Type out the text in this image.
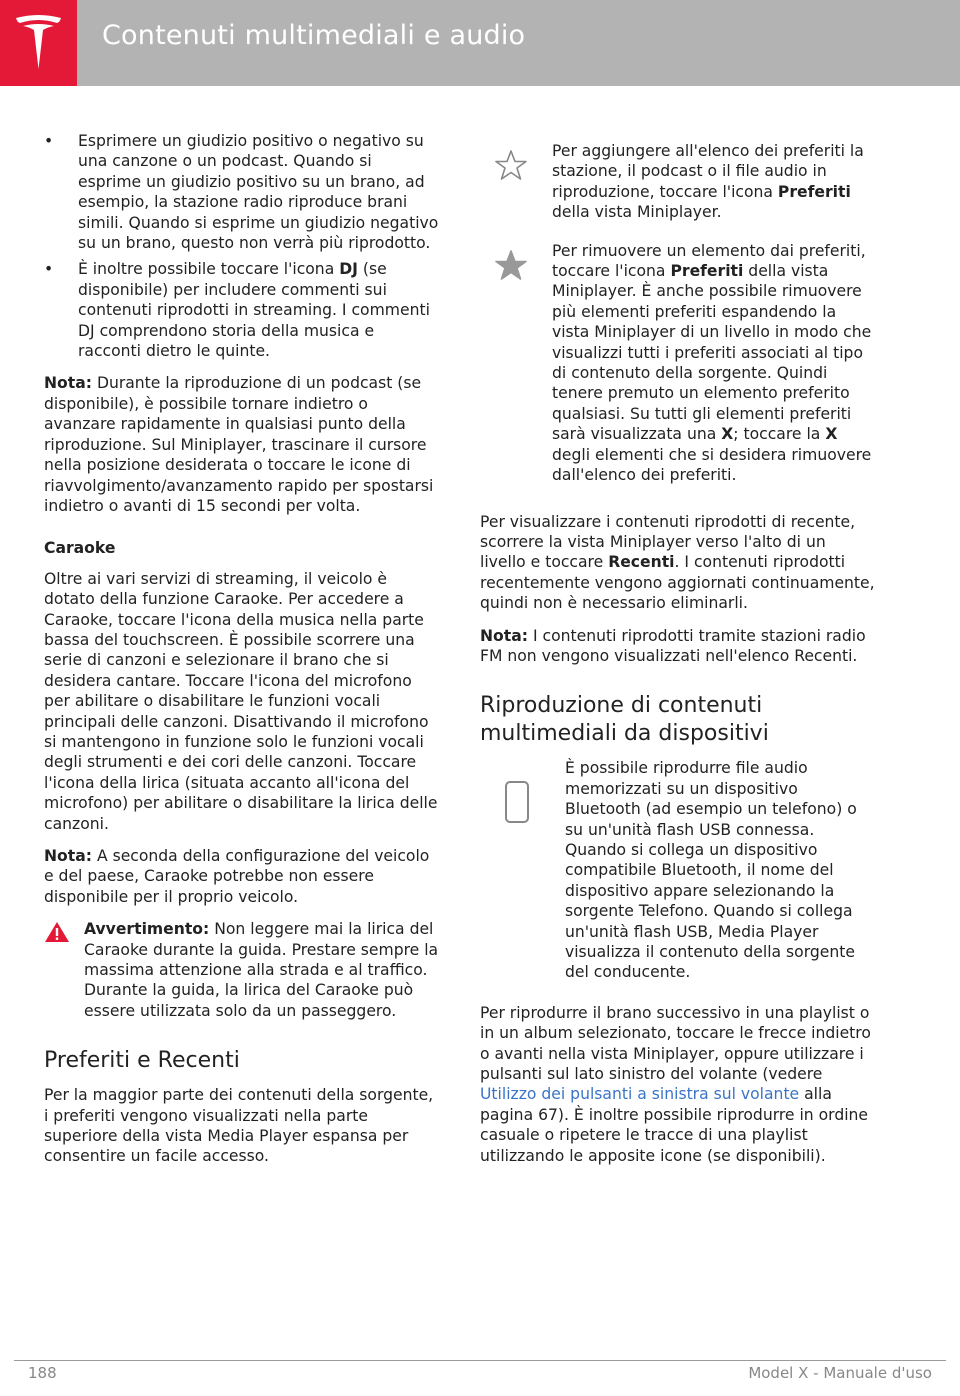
Contenuti multimediali e audio
• Esprimere un giudizio positivo o negativo su una canzone o un podcast. Quando si esprime un giudizio positivo su un brano, ad esempio, la stazione radio riproduce brani simili. Quando si esprime un giudizio negativo su un brano, questo non verrà più riprodotto.
• È inoltre possibile toccare l'icona DJ (se disponibile) per includere commenti sui contenuti riprodotti in streaming. I commenti DJ comprendono storia della musica e racconti dietro le quinte.

Nota: Durante la riproduzione di un podcast (se disponibile), è possibile tornare indietro o avanzare rapidamente in qualsiasi punto della riproduzione. Sul Miniplayer, trascinare il cursore nella posizione desiderata o toccare le icone di riavvolgimento/avanzamento rapido per spostarsi indietro o avanti di 15 secondi per volta.

Caraoke

Oltre ai vari servizi di streaming, il veicolo è dotato della funzione Caraoke. Per accedere a Caraoke, toccare l'icona della musica nella parte bassa del touchscreen. È possibile scorrere una serie di canzoni e selezionare il brano che si desidera cantare. Toccare l'icona del microfono per abilitare o disabilitare le funzioni vocali principali delle canzoni. Disattivando il microfono si mantengono in funzione solo le funzioni vocali degli strumenti e dei cori delle canzoni. Toccare l'icona della lirica (situata accanto all'icona del microfono) per abilitare o disabilitare la lirica delle canzoni.

Nota: A seconda della configurazione del veicolo e del paese, Caraoke potrebbe non essere disponibile per il proprio veicolo.

Avvertimento: Non leggere mai la lirica del Caraoke durante la guida. Prestare sempre la massima attenzione alla strada e al traffico. Durante la guida, la lirica del Caraoke può essere utilizzata solo da un passeggero.
Preferiti e Recenti

Per la maggior parte dei contenuti della sorgente, i preferiti vengono visualizzati nella parte superiore della vista Media Player espansa per consentire un facile accesso.

Per aggiungere all'elenco dei preferiti la stazione, il podcast o il file audio in riproduzione, toccare l'icona Preferiti della vista Miniplayer.
Per rimuovere un elemento dai preferiti, toccare l'icona Preferiti della vista Miniplayer. È anche possibile rimuovere più elementi preferiti espandendo la vista Miniplayer di un livello in modo che visualizzi tutti i preferiti associati al tipo di contenuto della sorgente. Quindi tenere premuto un elemento preferito qualsiasi. Su tutti gli elementi preferiti sarà visualizzata una X; toccare la X degli elementi che si desidera rimuovere dall'elenco dei preferiti.

Per visualizzare i contenuti riprodotti di recente, scorrere la vista Miniplayer verso l'alto di un livello e toccare Recenti. I contenuti riprodotti recentemente vengono aggiornati continuamente, quindi non è necessario eliminarli.

Nota: I contenuti riprodotti tramite stazioni radio FM non vengono visualizzati nell'elenco Recenti.

Riproduzione di contenuti multimediali da dispositivi
È possibile riprodurre file audio memorizzati su un dispositivo Bluetooth (ad esempio un telefono) o su un'unità flash USB connessa. Quando si collega un dispositivo compatibile Bluetooth, il nome del dispositivo appare selezionando la sorgente Telefono. Quando si collega un'unità flash USB, Media Player visualizza il contenuto della sorgente del conducente.

Per riprodurre il brano successivo in una playlist o in un album selezionato, toccare le frecce indietro o avanti nella vista Miniplayer, oppure utilizzare i pulsanti sul lato sinistro del volante (vedere Utilizzo dei pulsanti a sinistra sul volante alla pagina 67). È inoltre possibile riprodurre in ordine casuale o ripetere le tracce di una playlist utilizzando le apposite icone (se disponibili).

188	Model X - Manuale d'uso
